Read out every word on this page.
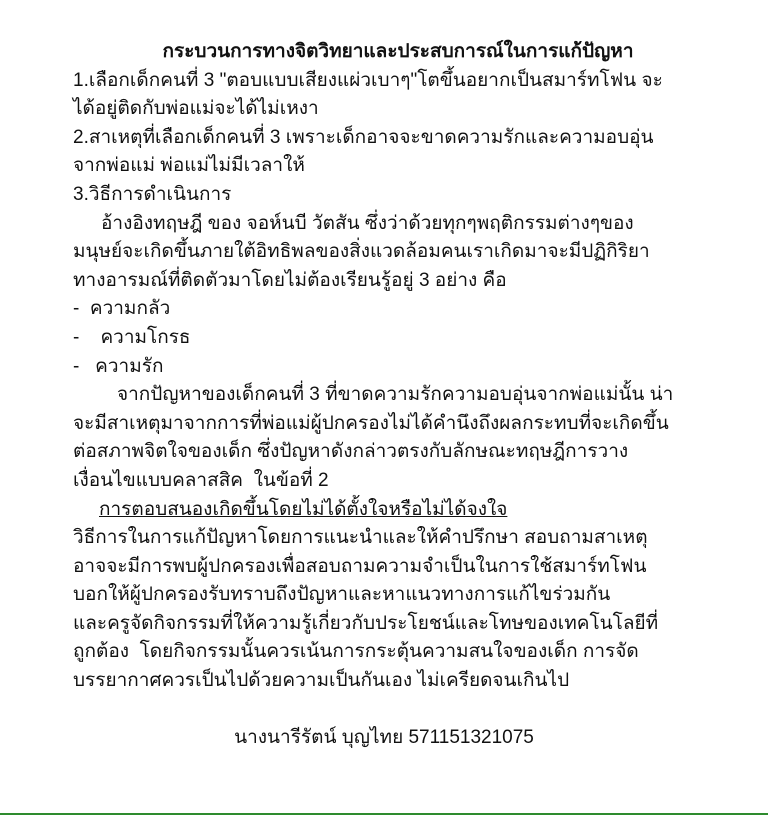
กระบวนการทางจิตวิทยาและประสบการณ์ในการแก้ปัญหา
1.เลือกเด็กคนที่ 3 "ตอบแบบเสียงแผ่วเบาๆ"โตขึ้นอยากเป็นสมาร์ทโฟน จะ
ได้อยู่ติดกับพ่อแม่จะได้ไม่เหงา
2.สาเหตุที่เลือกเด็กคนที่ 3 เพราะเด็กอาจจะขาดความรักและความอบอุ่น
จากพ่อแม่ พ่อแม่ไม่มีเวลาให้
3.วิธีการดำเนินการ
อ้างอิงทฤษฎี ของ จอห์นบี วัตสัน ซึ่งว่าด้วยทุกๆพฤติกรรมต่างๆของ
มนุษย์จะเกิดขึ้นภายใต้อิทธิพลของสิ่งแวดล้อมคนเราเกิดมาจะมีปฏิกิริยา
ทางอารมณ์ที่ติดตัวมาโดยไม่ต้องเรียนรู้อยู่ 3 อย่าง คือ
-  ความกลัว
-    ความโกรธ
-   ความรัก
จากปัญหาของเด็กคนที่ 3 ที่ขาดความรักความอบอุ่นจากพ่อแม่นั้น น่า
จะมีสาเหตุมาจากการที่พ่อแม่ผู้ปกครองไม่ได้คำนึงถึงผลกระทบที่จะเกิดขึ้น
ต่อสภาพจิตใจของเด็ก ซึ่งปัญหาดังกล่าวตรงกับลักษณะทฤษฎีการวาง
เงื่อนไขแบบคลาสสิค  ในข้อที่ 2
การตอบสนองเกิดขึ้นโดยไม่ได้ตั้งใจหรือไม่ได้จงใจ
วิธีการในการแก้ปัญหาโดยการแนะนำและให้คำปรึกษา สอบถามสาเหตุ
อาจจะมีการพบผู้ปกครองเพื่อสอบถามความจำเป็นในการใช้สมาร์ทโฟน
บอกให้ผู้ปกครองรับทราบถึงปัญหาและหาแนวทางการแก้ไขร่วมกัน
และครูจัดกิจกรรมที่ให้ความรู้เกี่ยวกับประโยชน์และโทษของเทคโนโลยีที่
ถูกต้อง  โดยกิจกรรมนั้นควรเน้นการกระตุ้นความสนใจของเด็ก การจัด
บรรยากาศควรเป็นไปด้วยความเป็นกันเอง ไม่เครียดจนเกินไป
นางนารีรัตน์ บุญไทย 571151321075
